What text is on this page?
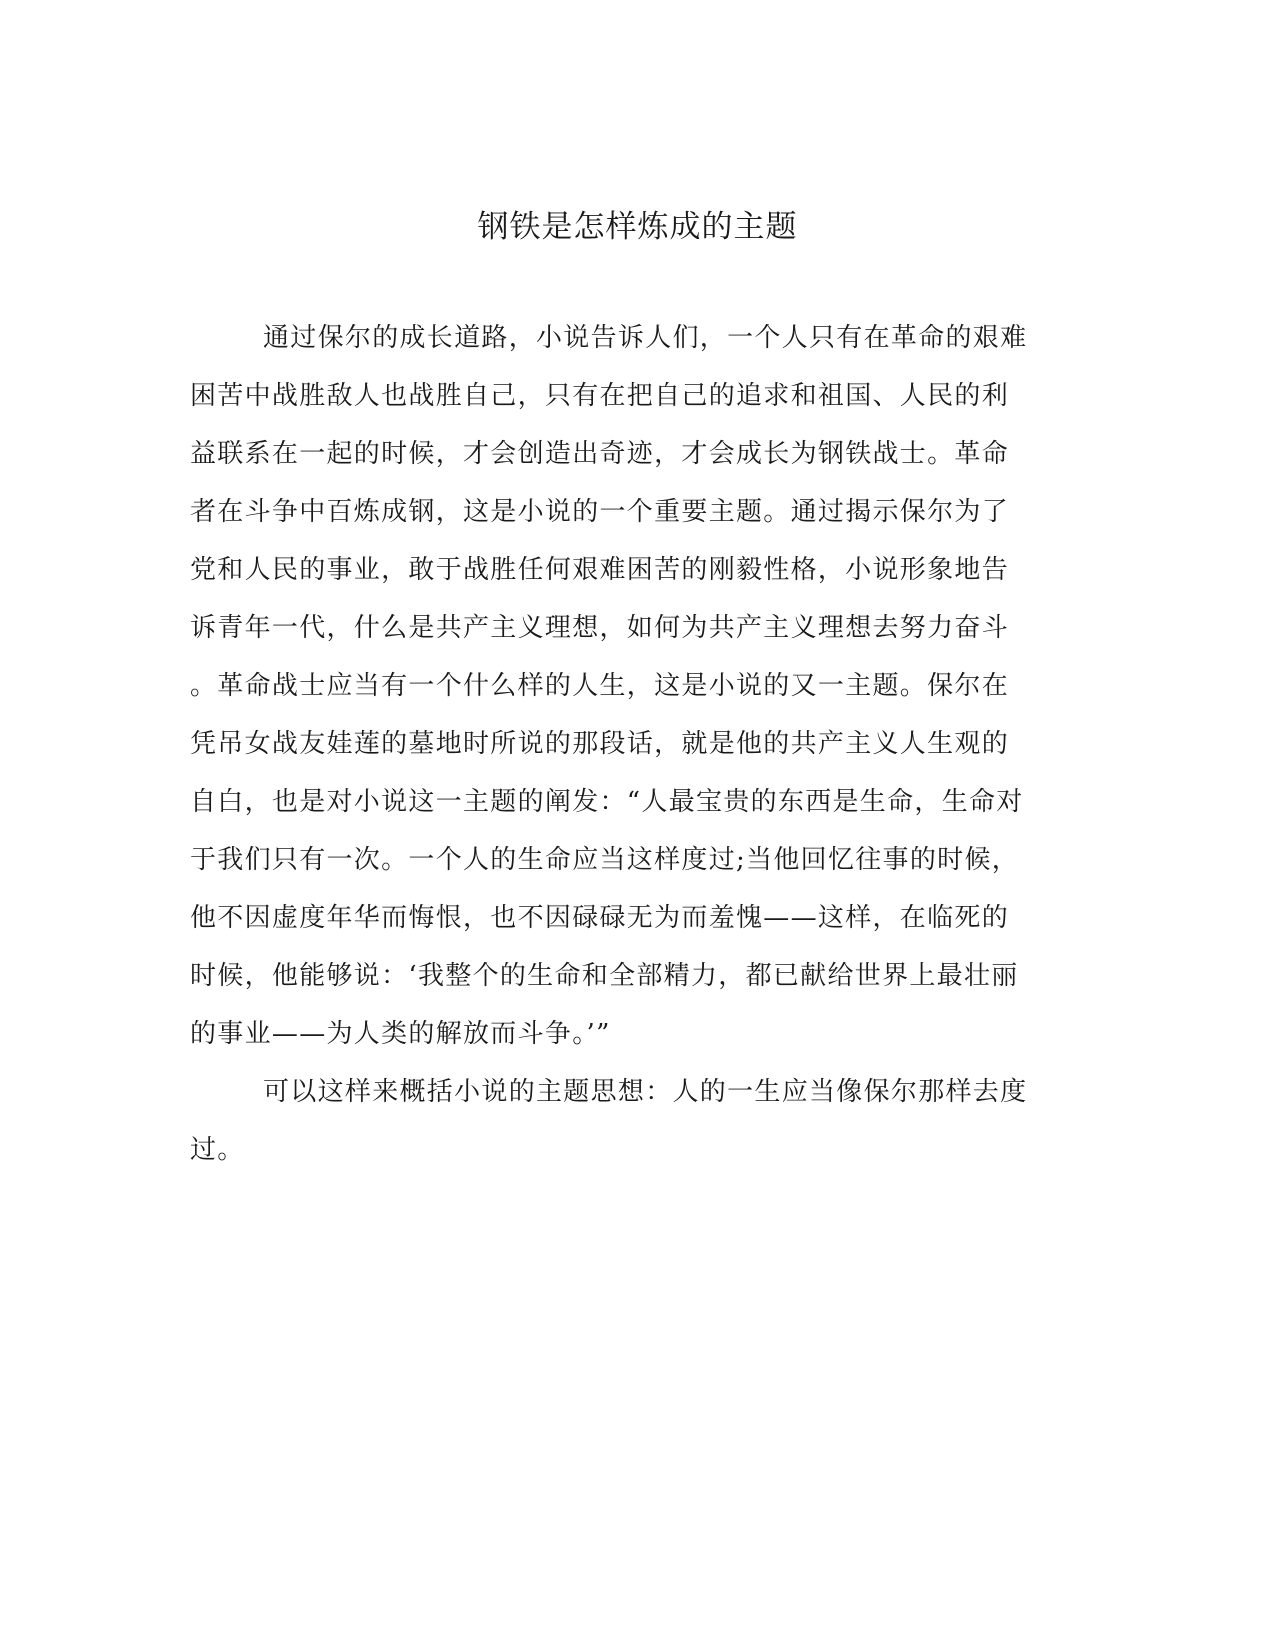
钢铁是怎样炼成的主题
通过保尔的成长道路，小说告诉人们，一个人只有在革命的艰难
困苦中战胜敌人也战胜自己，只有在把自己的追求和祖国、人民的利
益联系在一起的时候，才会创造出奇迹，才会成长为钢铁战士。革命
者在斗争中百炼成钢，这是小说的一个重要主题。通过揭示保尔为了
党和人民的事业，敢于战胜任何艰难困苦的刚毅性格，小说形象地告
诉青年一代，什么是共产主义理想，如何为共产主义理想去努力奋斗
。革命战士应当有一个什么样的人生，这是小说的又一主题。保尔在
凭吊女战友娃莲的墓地时所说的那段话，就是他的共产主义人生观的
自白，也是对小说这一主题的阐发：“人最宝贵的东西是生命，生命对
于我们只有一次。一个人的生命应当这样度过;当他回忆往事的时候，
他不因虚度年华而悔恨，也不因碌碌无为而羞愧——这样，在临死的
时候，他能够说：‘我整个的生命和全部精力，都已献给世界上最壮丽
的事业——为人类的解放而斗争。’”
可以这样来概括小说的主题思想：人的一生应当像保尔那样去度
过。
